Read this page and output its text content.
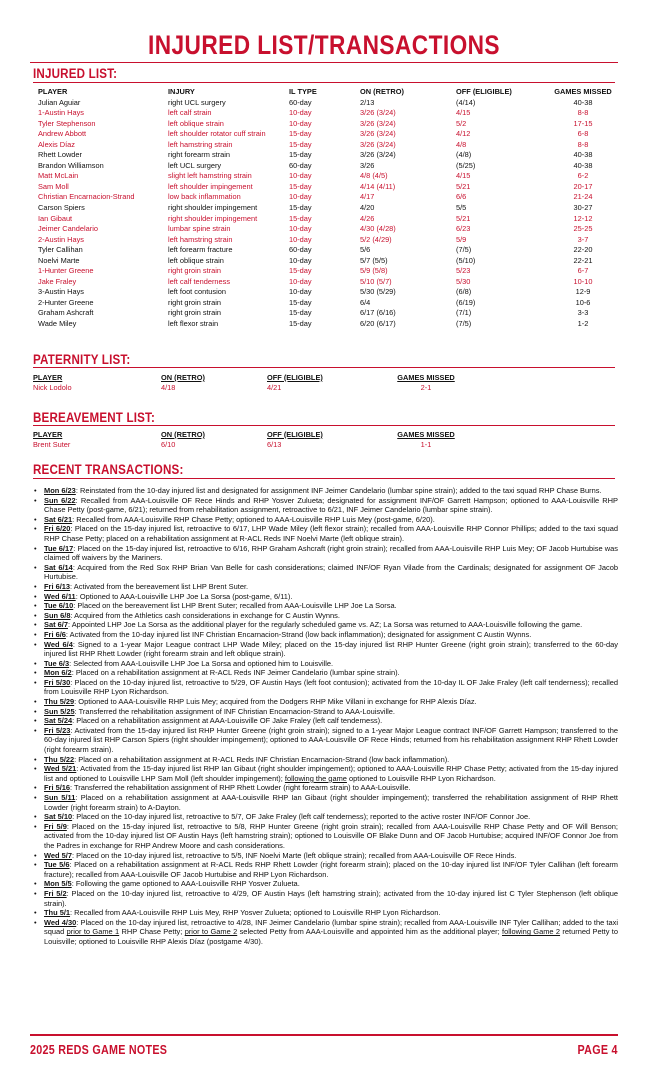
INJURED LIST/TRANSACTIONS
INJURED LIST:
PLAYER	INJURY	IL TYPE	ON (RETRO)	OFF (ELIGIBLE)	GAMES MISSED
Julian Aguiar	right UCL surgery	60-day	2/13	(4/14)	40-38
1-Austin Hays	left calf strain	10-day	3/26 (3/24)	4/15	8-8
Tyler Stephenson	left oblique strain	10-day	3/26 (3/24)	5/2	17-15
Andrew Abbott	left shoulder rotator cuff strain	15-day	3/26 (3/24)	4/12	6-8
Alexis Díaz	left hamstring strain	15-day	3/26 (3/24)	4/8	8-8
Rhett Lowder	right forearm strain	15-day	3/26 (3/24)	(4/8)	40-38
Brandon Williamson	left UCL surgery	60-day	3/26	(5/25)	40-38
Matt McLain	slight left hamstring strain	10-day	4/8 (4/5)	4/15	6-2
Sam Moll	left shoulder impingement	15-day	4/14 (4/11)	5/21	20-17
Christian Encarnacion-Strand	low back inflammation	10-day	4/17	6/6	21-24
Carson Spiers	right shoulder impingement	15-day	4/20	5/5	30-27
Ian Gibaut	right shoulder impingement	15-day	4/26	5/21	12-12
Jeimer Candelario	lumbar spine strain	10-day	4/30 (4/28)	6/23	25-25
2-Austin Hays	left hamstring strain	10-day	5/2 (4/29)	5/9	3-7
Tyler Callihan	left forearm fracture	60-day	5/6	(7/5)	22-20
Noelvi Marte	left oblique strain	10-day	5/7 (5/5)	(5/10)	22-21
1-Hunter Greene	right groin strain	15-day	5/9 (5/8)	5/23	6-7
Jake Fraley	left calf tenderness	10-day	5/10 (5/7)	5/30	10-10
3-Austin Hays	left foot contusion	10-day	5/30 (5/29)	(6/8)	12-9
2-Hunter Greene	right groin strain	15-day	6/4	(6/19)	10-6
Graham Ashcraft	right groin strain	15-day	6/17 (6/16)	(7/1)	3-3
Wade Miley	left flexor strain	15-day	6/20 (6/17)	(7/5)	1-2
PATERNITY LIST:
PLAYER	ON (RETRO)	OFF (ELIGIBLE)	GAMES MISSED
Nick Lodolo	4/18	4/21	2-1
BEREAVEMENT LIST:
PLAYER	ON (RETRO)	OFF (ELIGIBLE)	GAMES MISSED
Brent Suter	6/10	6/13	1-1
RECENT TRANSACTIONS:
• Mon 6/23: Reinstated from the 10-day injured list and designated for assignment INF Jeimer Candelario (lumbar spine strain); added to the taxi squad RHP Chase Burns.
• Sun 6/22: Recalled from AAA-Louisville OF Rece Hinds and RHP Yosver Zulueta; designated for assignment INF/OF Garrett Hampson; optioned to AAA-Louisville RHP Chase Petty (post-game, 6/21); returned from rehabilitation assignment, retroactive to 6/21, INF Jeimer Candelario (lumbar spine strain).
• Sat 6/21: Recalled from AAA-Louisville RHP Chase Petty; optioned to AAA-Louisville RHP Luis Mey (post-game, 6/20).
• Fri 6/20: Placed on the 15-day injured list, retroactive to 6/17, LHP Wade Miley (left flexor strain); recalled from AAA-Louisville RHP Connor Phillips; added to the taxi squad RHP Chase Petty; placed on a rehabilitation assignment at R-ACL Reds INF Noelvi Marte (left oblique strain).
• Tue 6/17: Placed on the 15-day injured list, retroactive to 6/16, RHP Graham Ashcraft (right groin strain); recalled from AAA-Louisville RHP Luis Mey; OF Jacob Hurtubise was claimed off waivers by the Mariners.
• Sat 6/14: Acquired from the Red Sox RHP Brian Van Belle for cash considerations; claimed INF/OF Ryan Vilade from the Cardinals; designated for assignment OF Jacob Hurtubise.
• Fri 6/13: Activated from the bereavement list LHP Brent Suter.
• Wed 6/11: Optioned to AAA-Louisville LHP Joe La Sorsa (post-game, 6/11).
• Tue 6/10: Placed on the bereavement list LHP Brent Suter; recalled from AAA-Louisville LHP Joe La Sorsa.
• Sun 6/8: Acquired from the Athletics cash considerations in exchange for C Austin Wynns.
• Sat 6/7: Appointed LHP Joe La Sorsa as the additional player for the regularly scheduled game vs. AZ; La Sorsa was returned to AAA-Louisville following the game.
• Fri 6/6: Activated from the 10-day injured list INF Christian Encarnacion-Strand (low back inflammation); designated for assignment C Austin Wynns.
• Wed 6/4: Signed to a 1-year Major League contract LHP Wade Miley; placed on the 15-day injured list RHP Hunter Greene (right groin strain); transferred to the 60-day injured list RHP Rhett Lowder (right forearm strain and left oblique strain).
• Tue 6/3: Selected from AAA-Louisville LHP Joe La Sorsa and optioned him to Louisville.
• Mon 6/2: Placed on a rehabilitation assignment at R-ACL Reds INF Jeimer Candelario (lumbar spine strain).
• Fri 5/30: Placed on the 10-day injured list, retroactive to 5/29, OF Austin Hays (left foot contusion); activated from the 10-day IL OF Jake Fraley (left calf tenderness); recalled from Louisville RHP Lyon Richardson.
• Thu 5/29: Optioned to AAA-Louisville RHP Luis Mey; acquired from the Dodgers RHP Mike Villani in exchange for RHP Alexis Díaz.
• Sun 5/25: Transferred the rehabilitation assignment of INF Christian Encarnacion-Strand to AAA-Louisville.
• Sat 5/24: Placed on a rehabilitation assignment at AAA-Louisville OF Jake Fraley (left calf tenderness).
• Fri 5/23: Activated from the 15-day injured list RHP Hunter Greene (right groin strain); signed to a 1-year Major League contract INF/OF Garrett Hampson; transferred to the 60-day injured list RHP Carson Spiers (right shoulder impingement); optioned to AAA-Louisville OF Rece Hinds; returned from his rehabilitation assignment RHP Rhett Lowder (right forearm strain).
• Thu 5/22: Placed on a rehabilitation assignment at R-ACL Reds INF Christian Encarnacion-Strand (low back inflammation).
• Wed 5/21: Activated from the 15-day injured list RHP Ian Gibaut (right shoulder impingement); optioned to AAA-Louisville RHP Chase Petty; activated from the 15-day injured list and optioned to Louisville LHP Sam Moll (left shoulder impingement); following the game optioned to Louisville RHP Lyon Richardson.
• Fri 5/16: Transferred the rehabilitation assignment of RHP Rhett Lowder (right forearm strain) to AAA-Louisville.
• Sun 5/11: Placed on a rehabilitation assignment at AAA-Louisville RHP Ian Gibaut (right shoulder impingement); transferred the rehabilitation assignment of RHP Rhett Lowder (right forearm strain) to A-Dayton.
• Sat 5/10: Placed on the 10-day injured list, retroactive to 5/7, OF Jake Fraley (left calf tenderness); reported to the active roster INF/OF Connor Joe.
• Fri 5/9: Placed on the 15-day injured list, retroactive to 5/8, RHP Hunter Greene (right groin strain); recalled from AAA-Louisville RHP Chase Petty and OF Will Benson; activated from the 10-day injured list OF Austin Hays (left hamstring strain); optioned to Louisville OF Blake Dunn and OF Jacob Hurtubise; acquired INF/OF Connor Joe from the Padres in exchange for RHP Andrew Moore and cash considerations.
• Wed 5/7: Placed on the 10-day injured list, retroactive to 5/5, INF Noelvi Marte (left oblique strain); recalled from AAA-Louisville OF Rece Hinds.
• Tue 5/6: Placed on a rehabilitation assignment at R-ACL Reds RHP Rhett Lowder (right forearm strain); placed on the 10-day injured list INF/OF Tyler Callihan (left forearm fracture); recalled from AAA-Louisville OF Jacob Hurtubise and RHP Lyon Richardson.
• Mon 5/5: Following the game optioned to AAA-Louisville RHP Yosver Zulueta.
• Fri 5/2: Placed on the 10-day injured list, retroactive to 4/29, OF Austin Hays (left hamstring strain); activated from the 10-day injured list C Tyler Stephenson (left oblique strain).
• Thu 5/1: Recalled from AAA-Louisville RHP Luis Mey, RHP Yosver Zulueta; optioned to Louisville RHP Lyon Richardson.
• Wed 4/30: Placed on the 10-day injured list, retroactive to 4/28, INF Jeimer Candelario (lumbar spine strain); recalled from AAA-Louisville INF Tyler Callihan; added to the taxi squad prior to Game 1 RHP Chase Petty; prior to Game 2 selected Petty from AAA-Louisville and appointed him as the additional player; following Game 2 returned Petty to Louisville; optioned to Louisville RHP Alexis Díaz (postgame 4/30).
2025 REDS GAME NOTES	PAGE 4
